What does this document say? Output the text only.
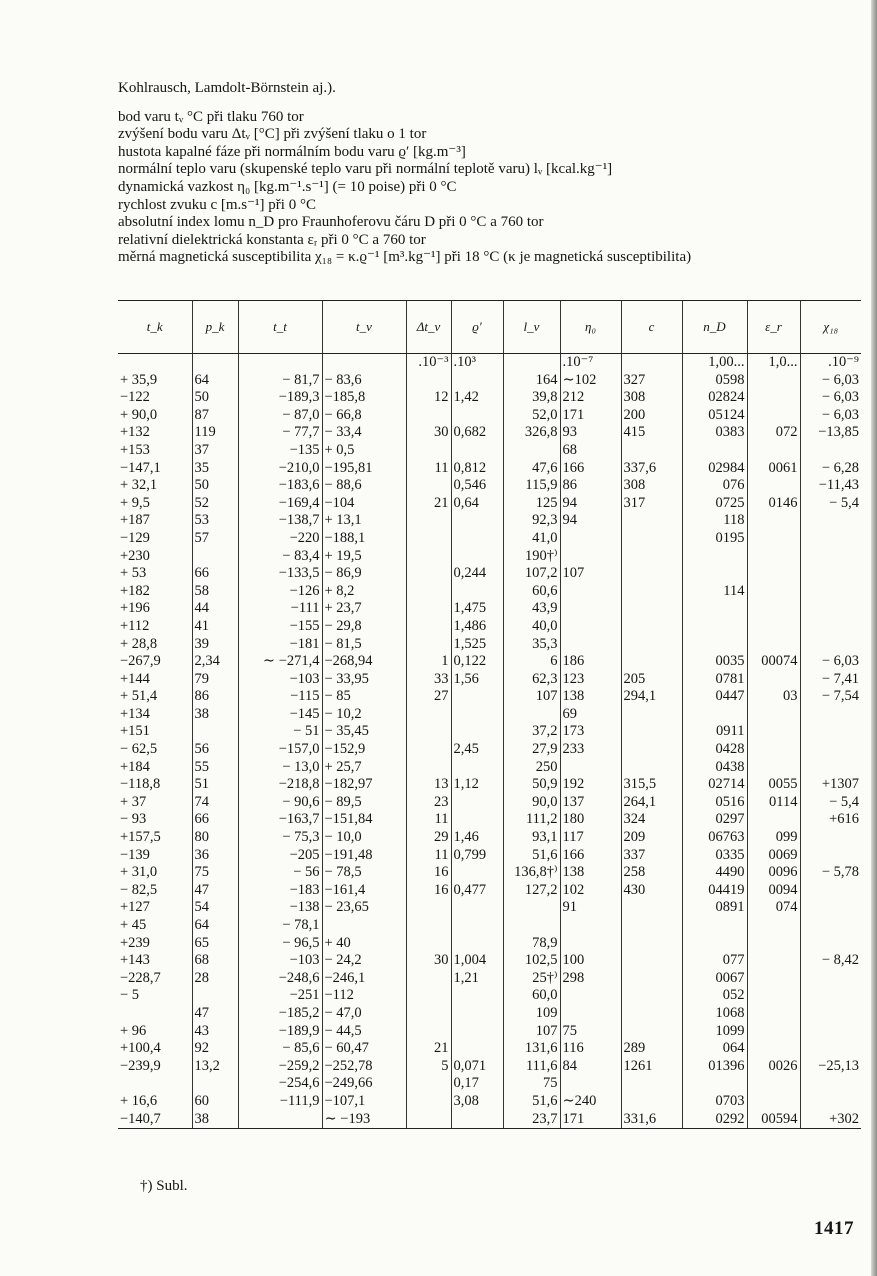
Kohlrausch, Lamdolt-Börnstein aj.).
bod varu tᵥ °C při tlaku 760 tor
zvýšení bodu varu Δtᵥ [°C] při zvýšení tlaku o 1 tor
hustota kapalné fáze při normálním bodu varu ϱ′ [kg.m⁻³]
normální teplo varu (skupenské teplo varu při normální teplotě varu) lᵥ [kcal.kg⁻¹]
dynamická vazkost η₀ [kg.m⁻¹.s⁻¹] (= 10 poise) při 0 °C
rychlost zvuku c [m.s⁻¹] při 0 °C
absolutní index lomu n_D pro Fraunhoferovu čáru D při 0 °C a 760 tor
relativní dielektrická konstanta εᵣ při 0 °C a 760 tor
měrná magnetická susceptibilita χ₁₈ = κ.ϱ⁻¹ [m³.kg⁻¹] při 18 °C (κ je magnetická susceptibilita)
t_k	p_k	t_t	t_v	Δt_v	ϱ′	l_v	η₀	c	n_D	ε_r	χ₁₈
				.10⁻³	.10³		.10⁻⁷		1,00...	1,0...	.10⁻⁹
+ 35,9	64	− 81,7	− 83,6			164	∼102	327	0598		− 6,03
−122	50	−189,3	−185,8	12	1,42	39,8	212	308	02824		− 6,03
+ 90,0	87	− 87,0	− 66,8			52,0	171	200	05124		− 6,03
+132	119	− 77,7	− 33,4	30	0,682	326,8	93	415	0383	072	−13,85
+153	37	−135	+ 0,5				68				
−147,1	35	−210,0	−195,81	11	0,812	47,6	166	337,6	02984	0061	− 6,28
+ 32,1	50	−183,6	− 88,6		0,546	115,9	86	308	076		−11,43
+ 9,5	52	−169,4	−104	21	0,64	125	94	317	0725	0146	− 5,4
+187	53	−138,7	+ 13,1			92,3	94		118		
−129	57	−220	−188,1			41,0			0195		
+230		− 83,4	+ 19,5			190†⁾					
+ 53	66	−133,5	− 86,9		0,244	107,2	107				
+182	58	−126	+ 8,2			60,6			114		
+196	44	−111	+ 23,7		1,475	43,9					
+112	41	−155	− 29,8		1,486	40,0					
+ 28,8	39	−181	− 81,5		1,525	35,3					
−267,9	2,34	∼ −271,4	−268,94	1	0,122	6	186		0035	00074	− 6,03
+144	79	−103	− 33,95	33	1,56	62,3	123	205	0781		− 7,41
+ 51,4	86	−115	− 85	27		107	138	294,1	0447	03	− 7,54
+134	38	−145	− 10,2				69				
+151		− 51	− 35,45			37,2	173		0911		
− 62,5	56	−157,0	−152,9		2,45	27,9	233		0428		
+184	55	− 13,0	+ 25,7			250			0438		
−118,8	51	−218,8	−182,97	13	1,12	50,9	192	315,5	02714	0055	+1307
+ 37	74	− 90,6	− 89,5	23		90,0	137	264,1	0516	0114	− 5,4
− 93	66	−163,7	−151,84	11		111,2	180	324	0297		+616
+157,5	80	− 75,3	− 10,0	29	1,46	93,1	117	209	06763	099	
−139	36	−205	−191,48	11	0,799	51,6	166	337	0335	0069	
+ 31,0	75	− 56	− 78,5	16		136,8†⁾	138	258	4490	0096	− 5,78
− 82,5	47	−183	−161,4	16	0,477	127,2	102	430	04419	0094	
+127	54	−138	− 23,65				91		0891	074	
+ 45	64	− 78,1									
+239	65	− 96,5	+ 40			78,9					
+143	68	−103	− 24,2	30	1,004	102,5	100		077		− 8,42
−228,7	28	−248,6	−246,1		1,21	25†⁾	298		0067		
− 5		−251	−112			60,0			052		
	47	−185,2	− 47,0			109			1068		
+ 96	43	−189,9	− 44,5			107	75		1099		
+100,4	92	− 85,6	− 60,47	21		131,6	116	289	064		
−239,9	13,2	−259,2	−252,78	5	0,071	111,6	84	1261	01396	0026	−25,13
		−254,6	−249,66		0,17	75					
+ 16,6	60	−111,9	−107,1		3,08	51,6	∼240		0703		
−140,7	38		∼ −193			23,7	171	331,6	0292	00594	+302
†) Subl.
1417
